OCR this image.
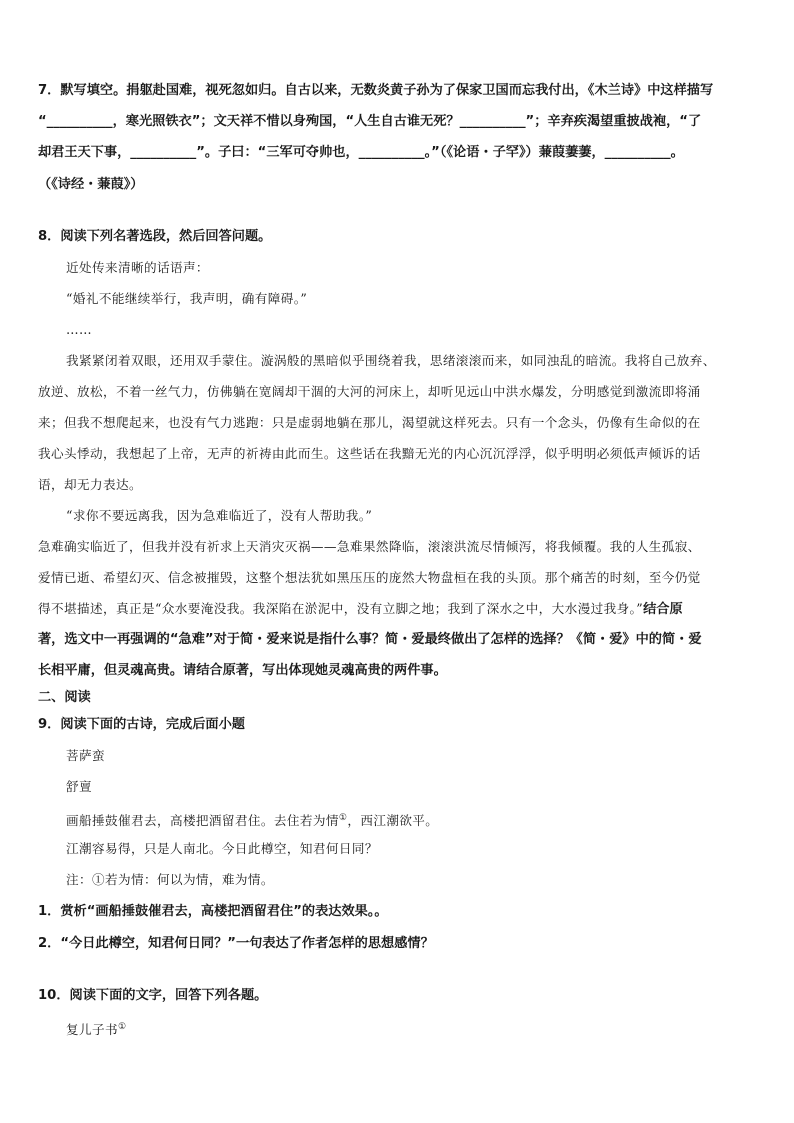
7．默写填空。捐躯赴国难，视死忽如归。自古以来，无数炎黄子孙为了保家卫国而忘我付出，《木兰诗》中这样描写
“__________，寒光照铁衣”；文天祥不惜以身殉国，“人生自古谁无死？__________”；辛弃疾渴望重披战袍，“了
却君王天下事，__________”。子曰：“三军可夺帅也，__________。”（《论语・子罕》）蒹葭萋萋，__________。
（《诗经・蒹葭》）
8．阅读下列名著选段，然后回答问题。
近处传来清晰的话语声：
“婚礼不能继续举行，我声明，确有障碍。”
……
我紧紧闭着双眼，还用双手蒙住。漩涡般的黑暗似乎围绕着我，思绪滚滚而来，如同浊乱的暗流。我将自己放弃、
放逆、放松，不着一丝气力，仿佛躺在宽阔却干涸的大河的河床上，却听见远山中洪水爆发，分明感觉到激流即将涌
来；但我不想爬起来，也没有气力逃跑：只是虚弱地躺在那儿，渴望就这样死去。只有一个念头，仍像有生命似的在
我心头悸动，我想起了上帝，无声的祈祷由此而生。这些话在我黯无光的内心沉沉浮浮，似乎明明必须低声倾诉的话
语，却无力表达。
“求你不要远离我，因为急难临近了，没有人帮助我。”
急难确实临近了，但我并没有祈求上天消灾灭祸——急难果然降临，滚滚洪流尽情倾泻，将我倾覆。我的人生孤寂、
爱情已逝、希望幻灭、信念被摧毁，这整个想法犹如黑压压的庞然大物盘桓在我的头顶。那个痛苦的时刻，至今仍觉
得不堪描述，真正是“众水要淹没我。我深陷在淤泥中，没有立脚之地；我到了深水之中，大水漫过我身。”结合原
著，选文中一再强调的“急难”对于简・爱来说是指什么事？简・爱最终做出了怎样的选择？《简・爱》中的简・爱
长相平庸，但灵魂高贵。请结合原著，写出体现她灵魂高贵的两件事。
二、阅读
9．阅读下面的古诗，完成后面小题
菩萨蛮
舒亶
画船捶鼓催君去，高楼把酒留君住。去住若为情①，西江潮欲平。
江潮容易得，只是人南北。今日此樽空，知君何日同？
注：①若为情：何以为情，难为情。
1．赏析“画船捶鼓催君去，高楼把酒留君住”的表达效果。。
2．“今日此樽空，知君何日同？”一句表达了作者怎样的思想感情？
10．阅读下面的文字，回答下列各题。
复儿子书①
